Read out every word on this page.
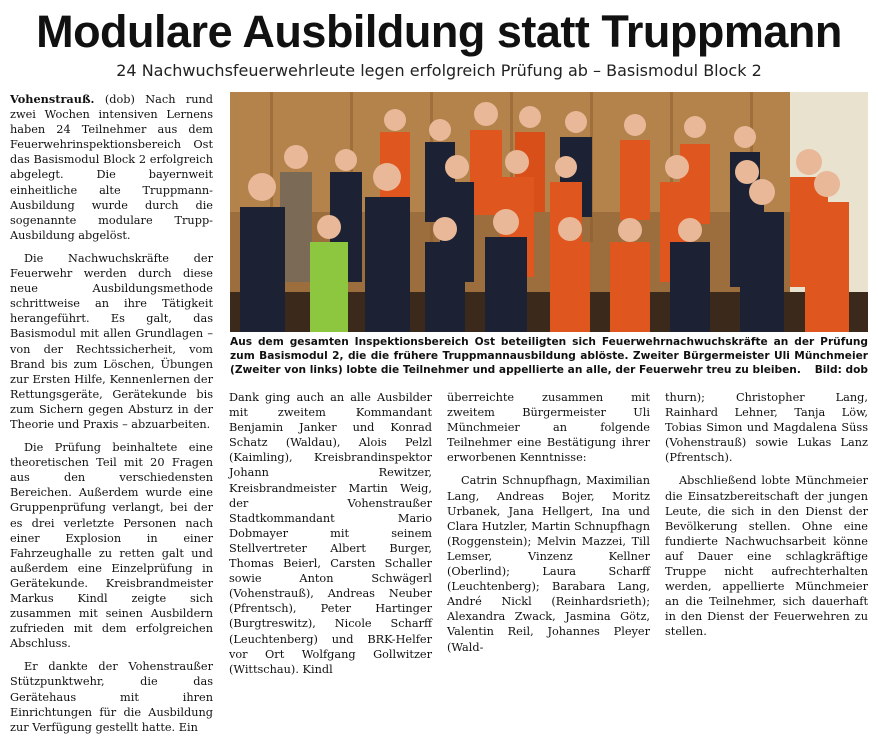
Modulare Ausbildung statt Truppmann
24 Nachwuchsfeuerwehrleute legen erfolgreich Prüfung ab – Basismodul Block 2

Vohenstrauß. (dob) Nach rund zwei Wochen intensiven Lernens haben 24 Teilnehmer aus dem Feuerwehrinspektionsbereich Ost das Basismodul Block 2 erfolgreich abgelegt. Die bayernweit einheitliche alte Truppmann-Ausbildung wurde durch die sogenannte modulare Trupp-Ausbildung abgelöst.

Die Nachwuchskräfte der Feuerwehr werden durch diese neue Ausbildungsmethode schrittweise an ihre Tätigkeit herangeführt. Es galt, das Basismodul mit allen Grundlagen – von der Rechtssicherheit, vom Brand bis zum Löschen, Übungen zur Ersten Hilfe, Kennenlernen der Rettungsgeräte, Gerätekunde bis zum Sichern gegen Absturz in der Theorie und Praxis – abzuarbeiten.

Die Prüfung beinhaltete eine theoretischen Teil mit 20 Fragen aus den verschiedensten Bereichen. Außerdem wurde eine Gruppenprüfung verlangt, bei der es drei verletzte Personen nach einer Explosion in einer Fahrzeughalle zu retten galt und außerdem eine Einzelprüfung in Gerätekunde. Kreisbrandmeister Markus Kindl zeigte sich zusammen mit seinen Ausbildern zufrieden mit dem erfolgreichen Abschluss.

Er dankte der Vohenstraußer Stützpunktwehr, die das Gerätehaus mit ihren Einrichtungen für die Ausbildung zur Verfügung gestellt hatte. Ein

Aus dem gesamten Inspektionsbereich Ost beteiligten sich Feuerwehrnachwuchskräfte an der Prüfung zum Basismodul 2, die die frühere Truppmannausbildung ablöste. Zweiter Bürgermeister Uli Münchmeier (Zweiter von links) lobte die Teilnehmer und appellierte an alle, der Feuerwehr treu zu bleiben. Bild: dob

Dank ging auch an alle Ausbilder mit zweitem Kommandant Benjamin Janker und Konrad Schatz (Waldau), Alois Pelzl (Kaimling), Kreisbrandinspektor Johann Rewitzer, Kreisbrandmeister Martin Weig, der Vohenstraußer Stadtkommandant Mario Dobmayer mit seinem Stellvertreter Albert Burger, Thomas Beierl, Carsten Schaller sowie Anton Schwägerl (Vohenstrauß), Andreas Neuber (Pfrentsch), Peter Hartinger (Burgtreswitz), Nicole Scharff (Leuchtenberg) und BRK-Helfer vor Ort Wolfgang Gollwitzer (Wittschau). Kindl

überreichte zusammen mit zweitem Bürgermeister Uli Münchmeier an folgende Teilnehmer eine Bestätigung ihrer erworbenen Kenntnisse:

Catrin Schnupfhagn, Maximilian Lang, Andreas Bojer, Moritz Urbanek, Jana Hellgert, Ina und Clara Hutzler, Martin Schnupfhagn (Roggenstein); Melvin Mazzei, Till Lemser, Vinzenz Kellner (Oberlind); Laura Scharff (Leuchtenberg); Barabara Lang, André Nickl (Reinhardsrieth); Alexandra Zwack, Jasmina Götz, Valentin Reil, Johannes Pleyer (Wald-

thurn); Christopher Lang, Rainhard Lehner, Tanja Löw, Tobias Simon und Magdalena Süss (Vohenstrauß) sowie Lukas Lanz (Pfrentsch).

Abschließend lobte Münchmeier die Einsatzbereitschaft der jungen Leute, die sich in den Dienst der Bevölkerung stellen. Ohne eine fundierte Nachwuchsarbeit könne auf Dauer eine schlagkräftige Truppe nicht aufrechterhalten werden, appellierte Münchmeier an die Teilnehmer, sich dauerhaft in den Dienst der Feuerwehren zu stellen.
